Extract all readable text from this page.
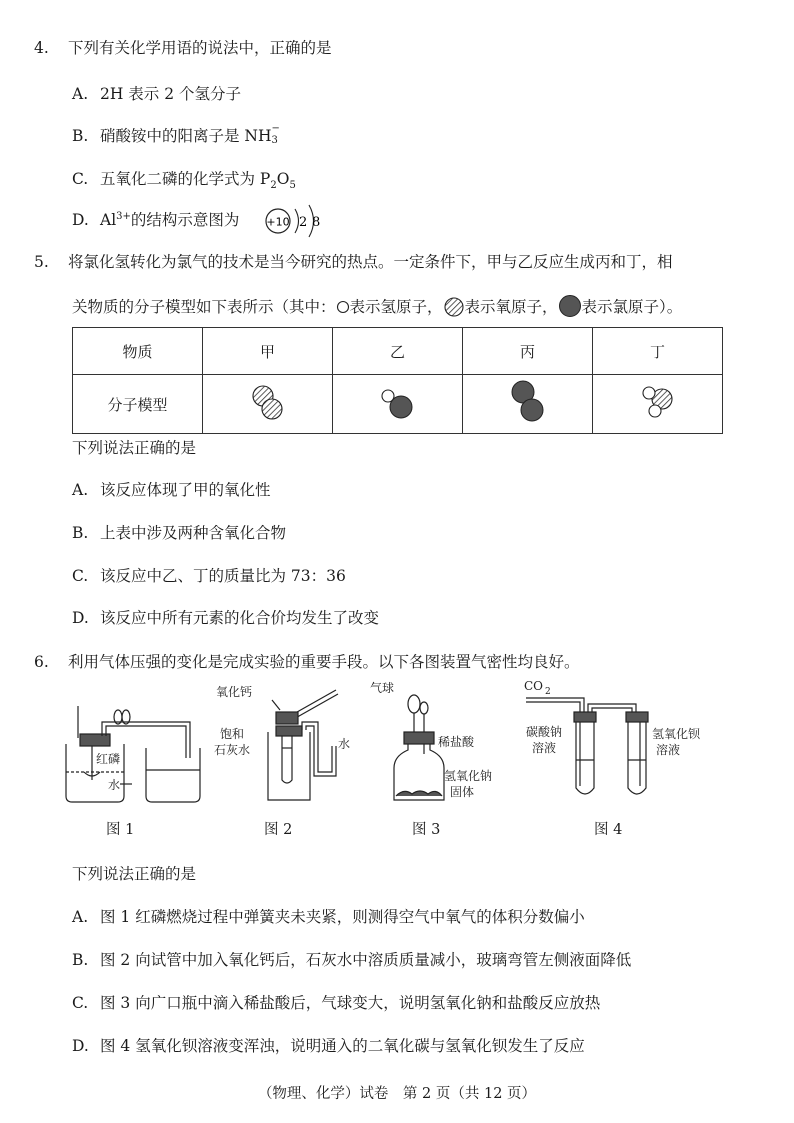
4. 下列有关化学用语的说法中，正确的是
A. 2H 表示 2 个氢分子
B. 硝酸铵中的阳离子是 NH −
3
C. 五氧化二磷的化学式为 $P_2O_5$
D. $Al^{3+}$的结构示意图为 +10 2 8
5. 将氯化氢转化为氯气的技术是当今研究的热点。一定条件下，甲与乙反应生成丙和丁，相
关物质的分子模型如下表所示（其中： 表示氢原子， 表示氧原子， 表示氯原子）。
物质	甲	乙	丙	丁
分子模型				
下列说法正确的是
A. 该反应体现了甲的氧化性
B. 上表中涉及两种含氧化合物
C. 该反应中乙、丁的质量比为 73：36
D. 该反应中所有元素的化合价均发生了改变
6. 利用气体压强的变化是完成实验的重要手段。以下各图装置气密性均良好。
红磷
水
氧化钙
饱和
石灰水	水
气球
稀盐酸
氢氧化钠
固体
CO 2
碳酸钠
溶液
氢氧化钡
溶液
图 1	图 2	图 3	图 4
下列说法正确的是
A. 图 1 红磷燃烧过程中弹簧夹未夹紧，则测得空气中氧气的体积分数偏小
B. 图 2 向试管中加入氧化钙后，石灰水中溶质质量减小，玻璃弯管左侧液面降低
C. 图 3 向广口瓶中滴入稀盐酸后，气球变大，说明氢氧化钠和盐酸反应放热
D. 图 4 氢氧化钡溶液变浑浊，说明通入的二氧化碳与氢氧化钡发生了反应
（物理、化学）试卷　第 2 页（共 12 页）
